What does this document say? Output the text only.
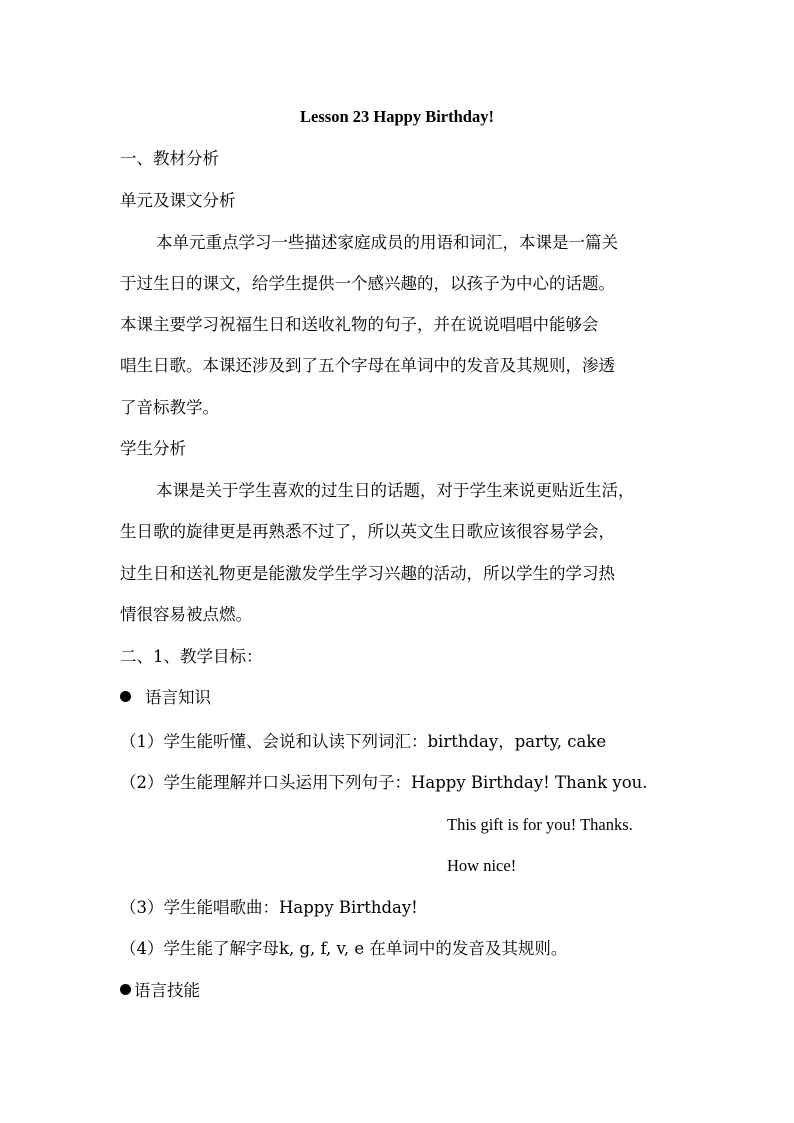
Lesson 23 Happy Birthday!
一、教材分析
单元及课文分析
本单元重点学习一些描述家庭成员的用语和词汇，本课是一篇关
于过生日的课文，给学生提供一个感兴趣的，以孩子为中心的话题。
本课主要学习祝福生日和送收礼物的句子，并在说说唱唱中能够会
唱生日歌。本课还涉及到了五个字母在单词中的发音及其规则，渗透
了音标教学。
学生分析
本课是关于学生喜欢的过生日的话题，对于学生来说更贴近生活，
生日歌的旋律更是再熟悉不过了，所以英文生日歌应该很容易学会，
过生日和送礼物更是能激发学生学习兴趣的活动，所以学生的学习热
情很容易被点燃。
二、1、教学目标：
语言知识
（1）学生能听懂、会说和认读下列词汇：birthday，party, cake
（2）学生能理解并口头运用下列句子：Happy Birthday! Thank you.
This gift is for you! Thanks.
How nice!
（3）学生能唱歌曲：Happy Birthday!
（4）学生能了解字母k, g, f, v, e 在单词中的发音及其规则。
语言技能
